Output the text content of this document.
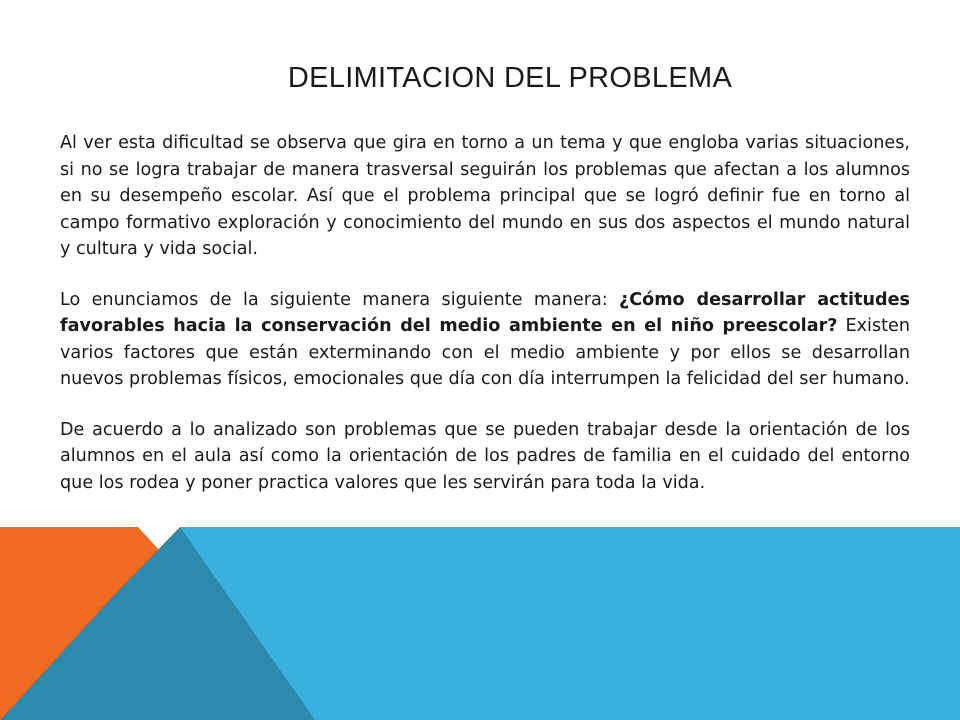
DELIMITACION DEL PROBLEMA

Al ver esta dificultad se observa que gira en torno a un tema y que engloba varias situaciones, si no se logra trabajar de manera trasversal seguirán los problemas que afectan a los alumnos en su desempeño escolar. Así que el problema principal que se logró definir fue en torno al campo formativo exploración y conocimiento del mundo en sus dos aspectos el mundo natural y cultura y vida social.

Lo enunciamos de la siguiente manera siguiente manera: ¿Cómo desarrollar actitudes favorables hacia la conservación del medio ambiente en el niño preescolar? Existen varios factores que están exterminando con el medio ambiente y por ellos se desarrollan nuevos problemas físicos, emocionales que día con día interrumpen la felicidad del ser humano.

De acuerdo a lo analizado son problemas que se pueden trabajar desde la orientación de los alumnos en el aula así como la orientación de los padres de familia en el cuidado del entorno que los rodea y poner practica valores que les servirán para toda la vida.
